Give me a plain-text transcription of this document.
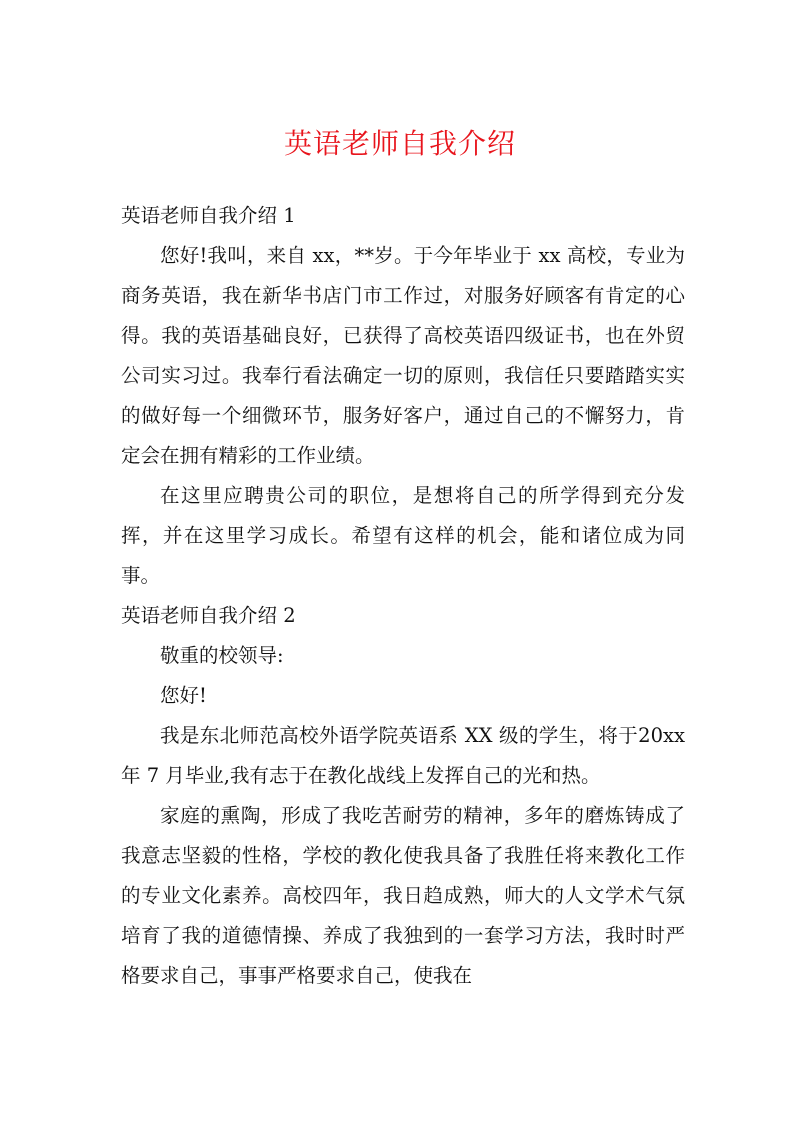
英语老师自我介绍
英语老师自我介绍 1

您好!我叫，来自 xx，**岁。于今年毕业于 xx 高校，专业为商务英语，我在新华书店门市工作过，对服务好顾客有肯定的心得。我的英语基础良好，已获得了高校英语四级证书，也在外贸公司实习过。我奉行看法确定一切的原则，我信任只要踏踏实实的做好每一个细微环节，服务好客户，通过自己的不懈努力，肯定会在拥有精彩的工作业绩。

在这里应聘贵公司的职位，是想将自己的所学得到充分发挥，并在这里学习成长。希望有这样的机会，能和诸位成为同事。

英语老师自我介绍 2

敬重的校领导:

您好!

我是东北师范高校外语学院英语系 XX 级的学生，将于20xx 年 7 月毕业,我有志于在教化战线上发挥自己的光和热。

家庭的熏陶，形成了我吃苦耐劳的精神，多年的磨炼铸成了我意志坚毅的性格，学校的教化使我具备了我胜任将来教化工作的专业文化素养。高校四年，我日趋成熟，师大的人文学术气氛培育了我的道德情操、养成了我独到的一套学习方法，我时时严格要求自己，事事严格要求自己，使我在
